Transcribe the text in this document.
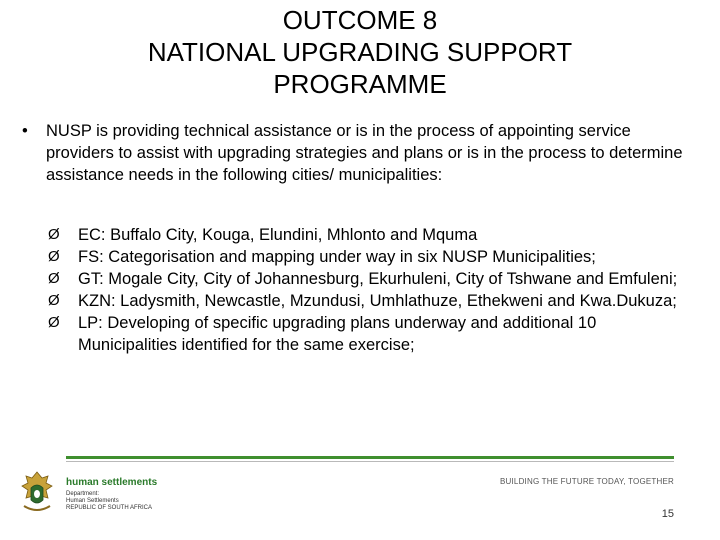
OUTCOME 8
NATIONAL UPGRADING SUPPORT
PROGRAMME
•	NUSP is providing technical assistance or is in the process of appointing service providers to assist with upgrading strategies and plans or is in the process to determine assistance needs in the following cities/ municipalities:
Ø EC: Buffalo City, Kouga, Elundini, Mhlonto and Mquma
Ø FS: Categorisation and mapping under way in six NUSP Municipalities;
Ø GT: Mogale City, City of Johannesburg, Ekurhuleni, City of Tshwane and Emfuleni;
Ø KZN: Ladysmith, Newcastle, Mzundusi, Umhlathuze, Ethekweni and Kwa.Dukuza;
Ø LP: Developing of specific upgrading plans underway and additional 10 Municipalities identified for the same exercise;
human settlements
Department:
Human Settlements
REPUBLIC OF SOUTH AFRICA
BUILDING THE FUTURE TODAY, TOGETHER
15
